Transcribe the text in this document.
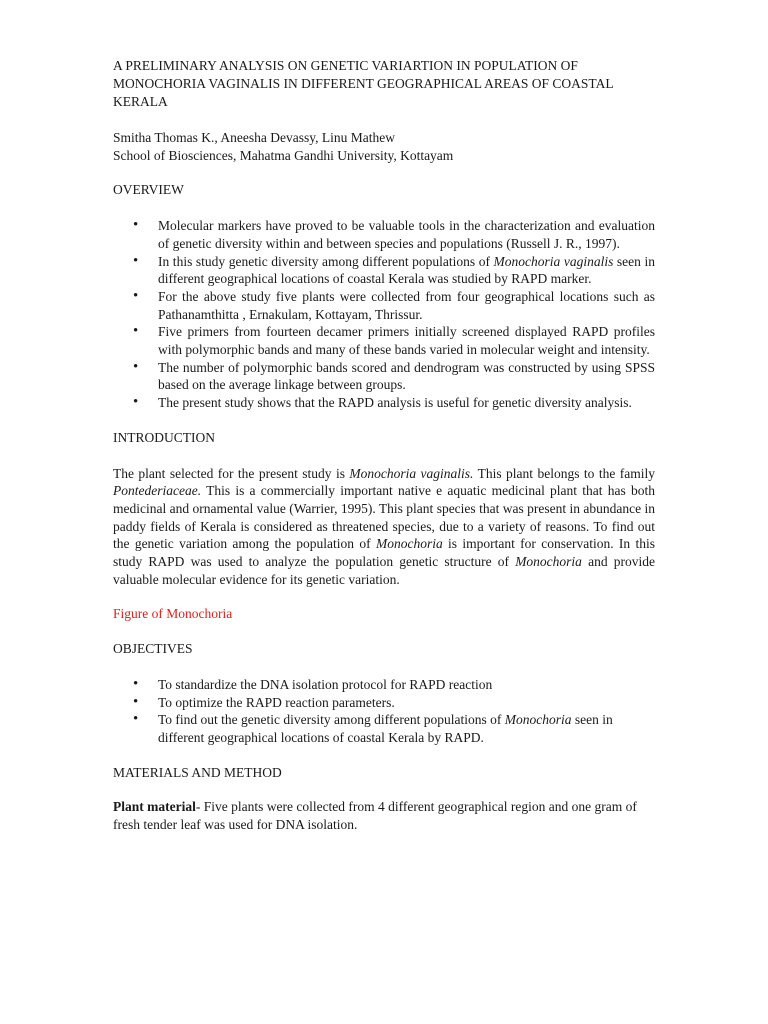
A PRELIMINARY ANALYSIS ON GENETIC VARIARTION IN POPULATION OF MONOCHORIA VAGINALIS IN DIFFERENT GEOGRAPHICAL AREAS OF COASTAL KERALA

Smitha Thomas K., Aneesha Devassy, Linu Mathew

School of Biosciences, Mahatma Gandhi University, Kottayam

OVERVIEW
• Molecular markers have proved to be valuable tools in the characterization and evaluation of genetic diversity within and between species and populations (Russell J. R., 1997).
• In this study genetic diversity among different populations of Monochoria vaginalis seen in different geographical locations of coastal Kerala was studied by RAPD marker.
• For the above study five plants were collected from four geographical locations such as Pathanamthitta , Ernakulam, Kottayam, Thrissur.
• Five primers from fourteen decamer primers initially screened displayed RAPD profiles with polymorphic bands and many of these bands varied in molecular weight and intensity.
• The number of polymorphic bands scored and dendrogram was constructed by using SPSS based on the average linkage between groups.
• The present study shows that the RAPD analysis is useful for genetic diversity analysis.
INTRODUCTION

The plant selected for the present study is Monochoria vaginalis. This plant belongs to the family Pontederiaceae. This is a commercially important native e aquatic medicinal plant that has both medicinal and ornamental value (Warrier, 1995). This plant species that was present in abundance in paddy fields of Kerala is considered as threatened species, due to a variety of reasons. To find out the genetic variation among the population of Monochoria is important for conservation. In this study RAPD was used to analyze the population genetic structure of Monochoria and provide valuable molecular evidence for its genetic variation.

Figure of Monochoria

OBJECTIVES
• To standardize the DNA isolation protocol for RAPD reaction
• To optimize the RAPD reaction parameters.
• To find out the genetic diversity among different populations of Monochoria seen in different geographical locations of coastal Kerala by RAPD.
MATERIALS AND METHOD

Plant material- Five plants were collected from 4 different geographical region and one gram of fresh tender leaf was used for DNA isolation.
